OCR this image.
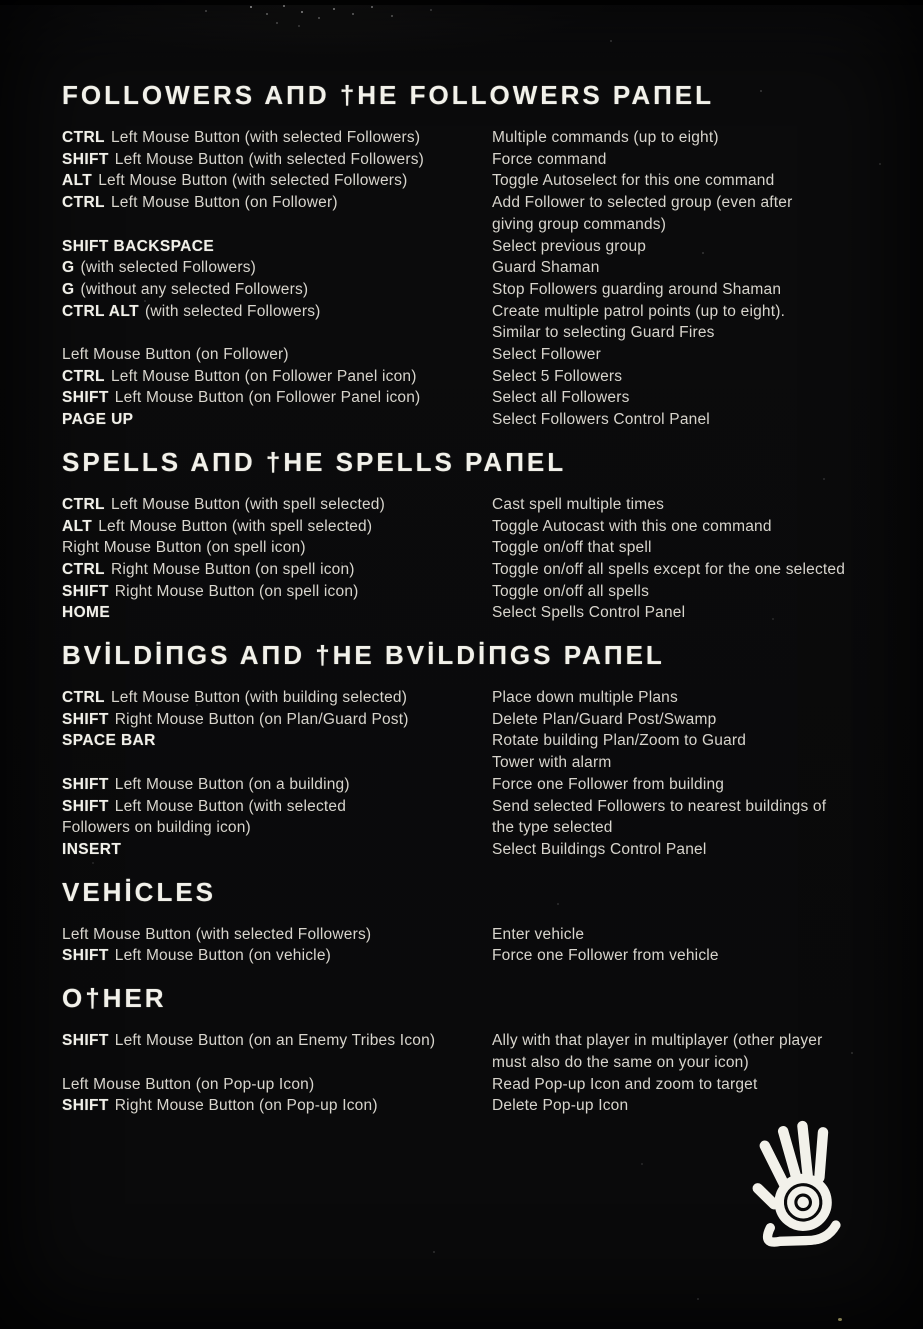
FOLLOWERS AПD †HE FOLLOWERS PAПEL
CTRL Left Mouse Button (with selected Followers)	Multiple commands (up to eight)
SHIFT Left Mouse Button (with selected Followers)	Force command
ALT Left Mouse Button (with selected Followers)	Toggle Autoselect for this one command
CTRL Left Mouse Button (on Follower)	Add Follower to selected group (even after
giving group commands)
SHIFT BACKSPACE	Select previous group
G (with selected Followers)	Guard Shaman
G (without any selected Followers)	Stop Followers guarding around Shaman
CTRL ALT (with selected Followers)	Create multiple patrol points (up to eight).
Similar to selecting Guard Fires
Left Mouse Button (on Follower)	Select Follower
CTRL Left Mouse Button (on Follower Panel icon)	Select 5 Followers
SHIFT Left Mouse Button (on Follower Panel icon)	Select all Followers
PAGE UP	Select Followers Control Panel
SPELLS AПD †HE SPELLS PAПEL
CTRL Left Mouse Button (with spell selected)	Cast spell multiple times
ALT Left Mouse Button (with spell selected)	Toggle Autocast with this one command
Right Mouse Button (on spell icon)	Toggle on/off that spell
CTRL Right Mouse Button (on spell icon)	Toggle on/off all spells except for the one selected
SHIFT Right Mouse Button (on spell icon)	Toggle on/off all spells
HOME	Select Spells Control Panel
BVİLDİПGS AПD †HE BVİLDİПGS PAПEL
CTRL Left Mouse Button (with building selected)	Place down multiple Plans
SHIFT Right Mouse Button (on Plan/Guard Post)	Delete Plan/Guard Post/Swamp
SPACE BAR	Rotate building Plan/Zoom to Guard
Tower with alarm
SHIFT Left Mouse Button (on a building)	Force one Follower from building
SHIFT Left Mouse Button (with selected	Send selected Followers to nearest buildings of
Followers on building icon)	the type selected
INSERT	Select Buildings Control Panel
VEHİCLES
Left Mouse Button (with selected Followers)	Enter vehicle
SHIFT Left Mouse Button (on vehicle)	Force one Follower from vehicle
O†HER
SHIFT Left Mouse Button (on an Enemy Tribes Icon)	Ally with that player in multiplayer (other player
must also do the same on your icon)
Left Mouse Button (on Pop-up Icon)	Read Pop-up Icon and zoom to target
SHIFT Right Mouse Button (on Pop-up Icon)	Delete Pop-up Icon
